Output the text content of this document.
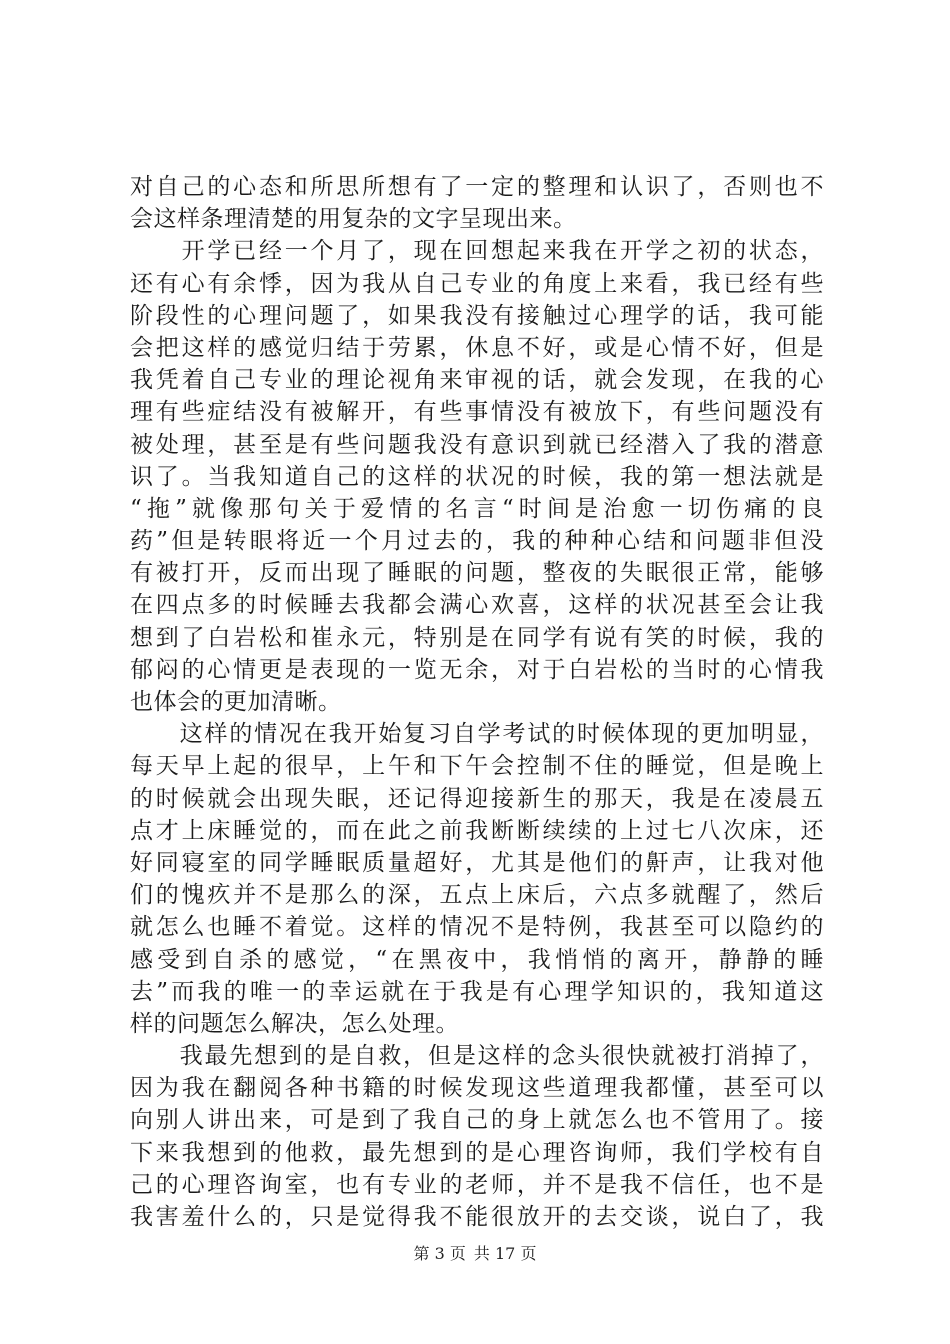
对自己的心态和所思所想有了一定的整理和认识了，否则也不
会这样条理清楚的用复杂的文字呈现出来。
　　开学已经一个月了，现在回想起来我在开学之初的状态，
还有心有余悸，因为我从自己专业的角度上来看，我已经有些
阶段性的心理问题了，如果我没有接触过心理学的话，我可能
会把这样的感觉归结于劳累，休息不好，或是心情不好，但是
我凭着自己专业的理论视角来审视的话，就会发现，在我的心
理有些症结没有被解开，有些事情没有被放下，有些问题没有
被处理，甚至是有些问题我没有意识到就已经潜入了我的潜意
识了。当我知道自己的这样的状况的时候，我的第一想法就是
“拖”就像那句关于爱情的名言“时间是治愈一切伤痛的良
药”但是转眼将近一个月过去的，我的种种心结和问题非但没
有被打开，反而出现了睡眠的问题，整夜的失眠很正常，能够
在四点多的时候睡去我都会满心欢喜，这样的状况甚至会让我
想到了白岩松和崔永元，特别是在同学有说有笑的时候，我的
郁闷的心情更是表现的一览无余，对于白岩松的当时的心情我
也体会的更加清晰。
　　这样的情况在我开始复习自学考试的时候体现的更加明显，
每天早上起的很早，上午和下午会控制不住的睡觉，但是晚上
的时候就会出现失眠，还记得迎接新生的那天，我是在凌晨五
点才上床睡觉的，而在此之前我断断续续的上过七八次床，还
好同寝室的同学睡眠质量超好，尤其是他们的鼾声，让我对他
们的愧疚并不是那么的深，五点上床后，六点多就醒了，然后
就怎么也睡不着觉。这样的情况不是特例，我甚至可以隐约的
感受到自杀的感觉，“在黑夜中，我悄悄的离开，静静的睡
去”而我的唯一的幸运就在于我是有心理学知识的，我知道这
样的问题怎么解决，怎么处理。
　　我最先想到的是自救，但是这样的念头很快就被打消掉了，
因为我在翻阅各种书籍的时候发现这些道理我都懂，甚至可以
向别人讲出来，可是到了我自己的身上就怎么也不管用了。接
下来我想到的他救，最先想到的是心理咨询师，我们学校有自
己的心理咨询室，也有专业的老师，并不是我不信任，也不是
我害羞什么的，只是觉得我不能很放开的去交谈，说白了，我
第 3 页 共 17 页
